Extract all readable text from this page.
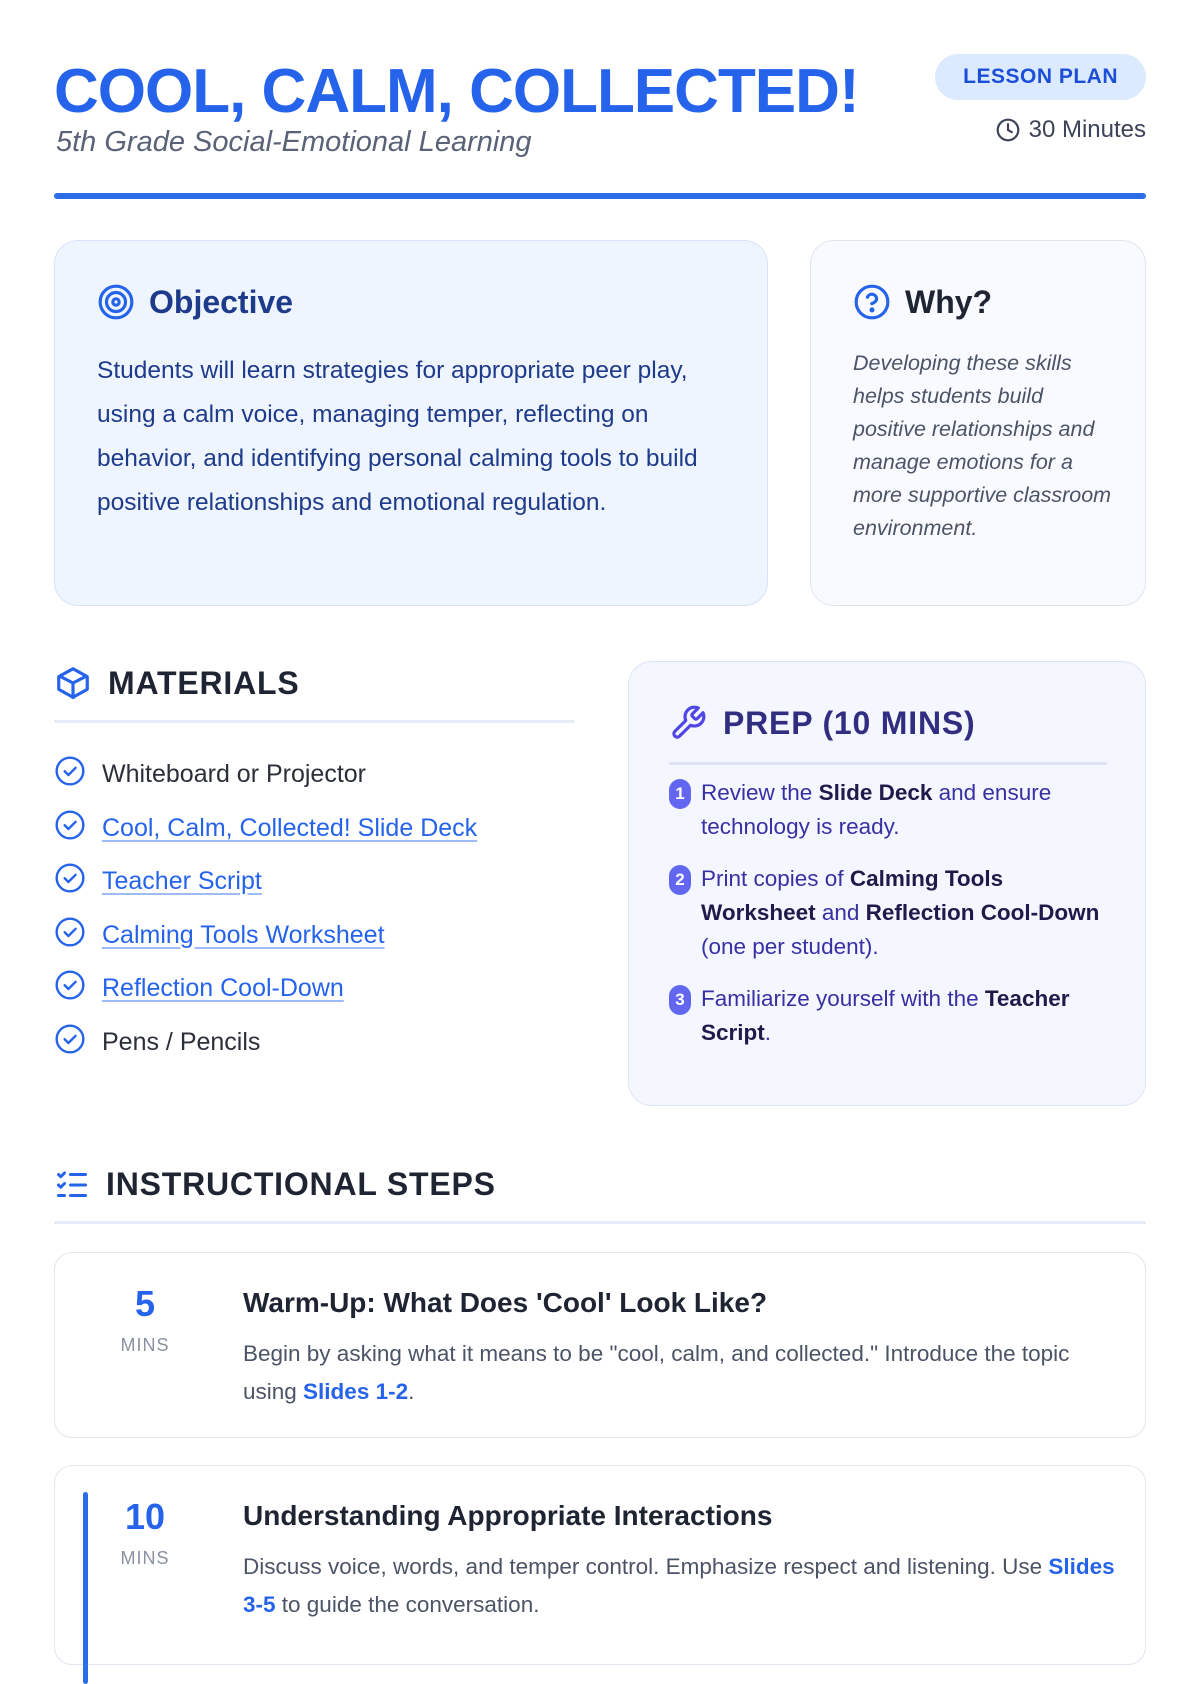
COOL, CALM, COLLECTED!
5th Grade Social-Emotional Learning
LESSON PLAN
30 Minutes
Objective

Students will learn strategies for appropriate peer play, using a calm voice, managing temper, reflecting on behavior, and identifying personal calming tools to build positive relationships and emotional regulation.

Why?

Developing these skills helps students build positive relationships and manage emotions for a more supportive classroom environment.

MATERIALS
Whiteboard or Projector
Cool, Calm, Collected! Slide Deck
Teacher Script
Calming Tools Worksheet
Reflection Cool-Down
Pens / Pencils
PREP (10 MINS)
1 Review the Slide Deck and ensure technology is ready.
2 Print copies of Calming Tools Worksheet and Reflection Cool-Down (one per student).
3 Familiarize yourself with the Teacher Script.
INSTRUCTIONAL STEPS
5
MINS
Warm-Up: What Does 'Cool' Look Like?
Begin by asking what it means to be "cool, calm, and collected." Introduce the topic using Slides 1-2.
10
MINS
Understanding Appropriate Interactions
Discuss voice, words, and temper control. Emphasize respect and listening. Use Slides 3-5 to guide the conversation.
